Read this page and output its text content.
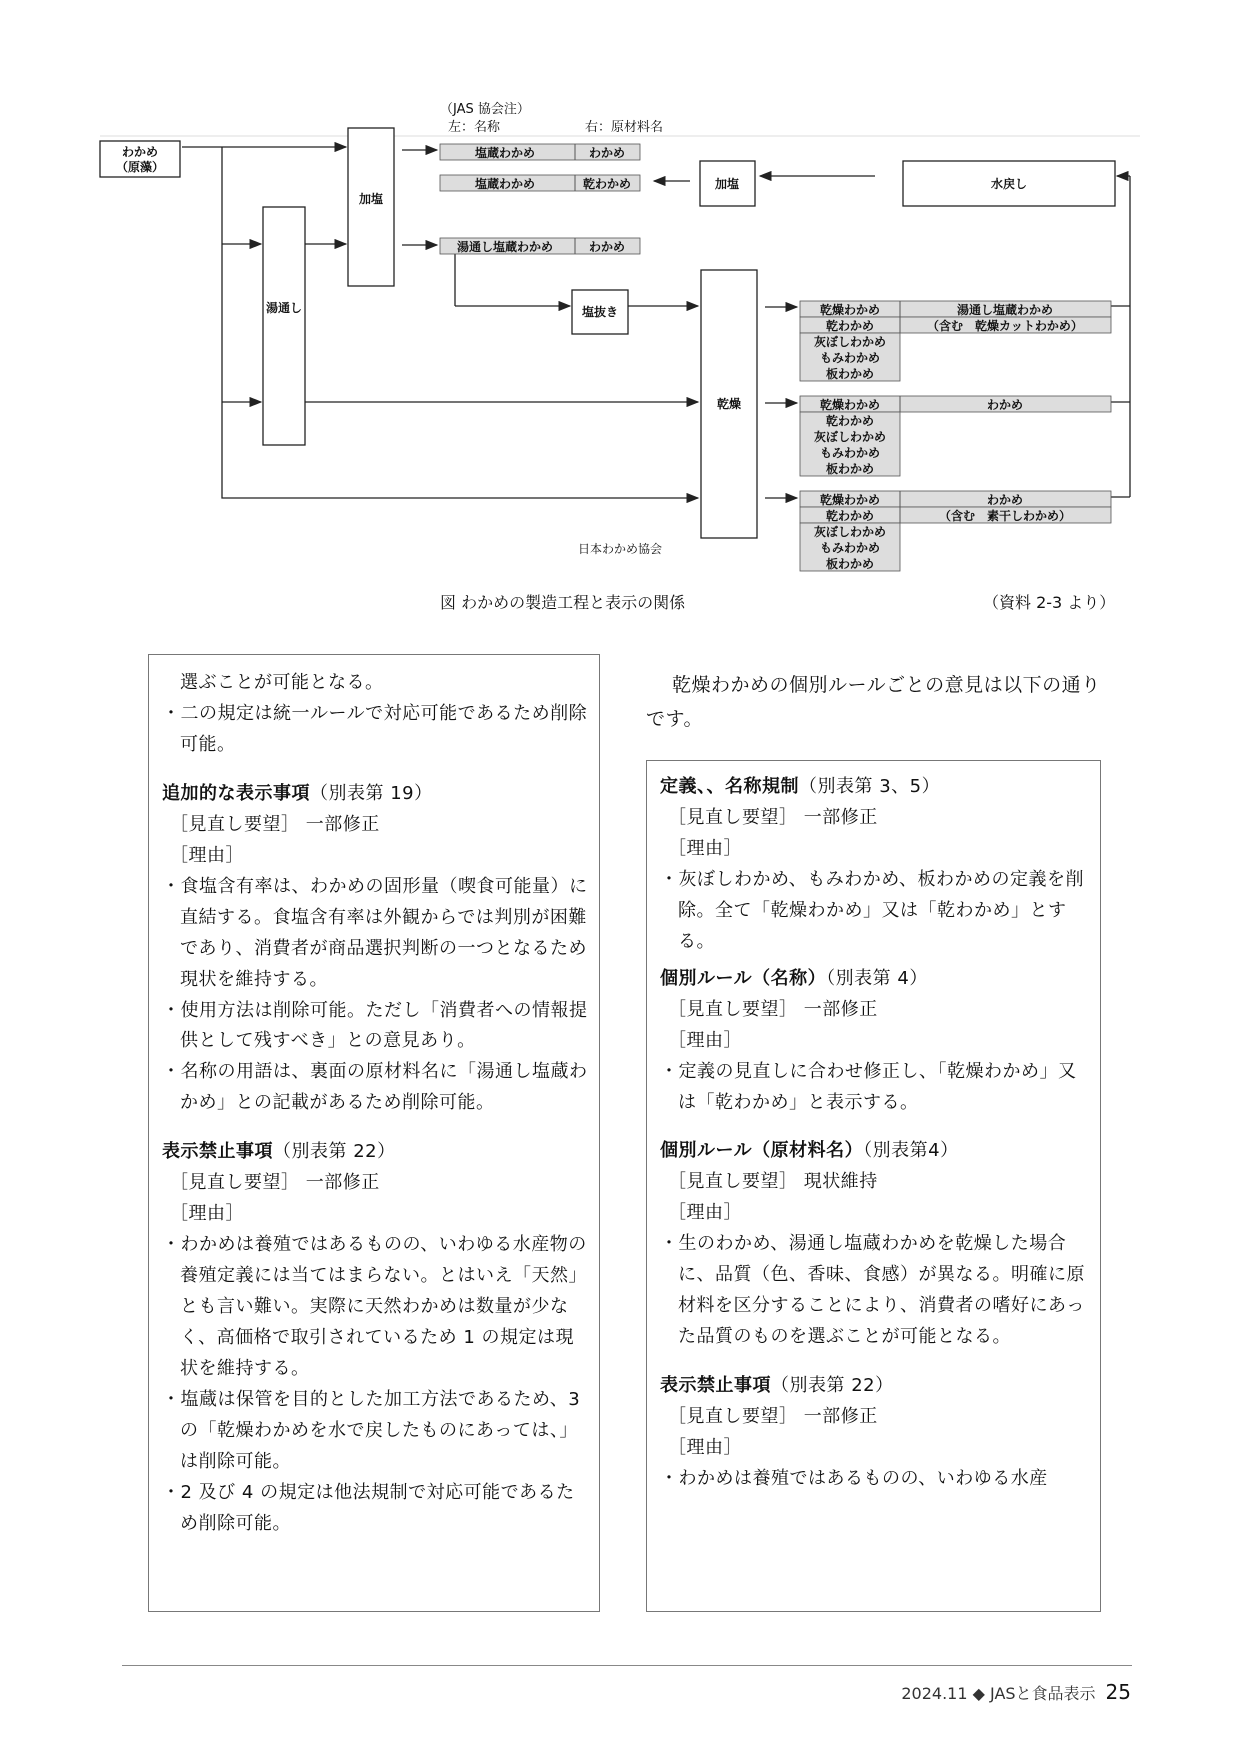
（JAS 協会注）
左：名称	右：原材料名
わかめ
（原藻）
加塩
湯通し	塩抜き
加塩	水戻し
乾燥
塩蔵わかめ	わかめ
塩蔵わかめ	乾わかめ
湯通し塩蔵わかめ	わかめ
乾燥わかめ	湯通し塩蔵わかめ
乾わかめ	（含む　乾燥カットわかめ）
灰ぼしわかめ
もみわかめ
板わかめ
乾燥わかめ	わかめ
乾わかめ
灰ぼしわかめ
もみわかめ
板わかめ
乾燥わかめ	わかめ
乾わかめ	（含む　素干しわかめ）
灰ぼしわかめ
もみわかめ
板わかめ
日本わかめ協会
図 わかめの製造工程と表示の関係	（資料 2-3 より）

選ぶことが可能となる。

・二の規定は統一ルールで対応可能であるため削除可能。

追加的な表示事項（別表第 19）

［見直し要望］ 一部修正

［理由］

・食塩含有率は、わかめの固形量（喫食可能量）に直結する。食塩含有率は外観からでは判別が困難であり、消費者が商品選択判断の一つとなるため現状を維持する。

・使用方法は削除可能。ただし「消費者への情報提供として残すべき」との意見あり。

・名称の用語は、裏面の原材料名に「湯通し塩蔵わかめ」との記載があるため削除可能。

表示禁止事項（別表第 22）

［見直し要望］ 一部修正

［理由］

・わかめは養殖ではあるものの、いわゆる水産物の養殖定義には当てはまらない。とはいえ「天然」とも言い難い。実際に天然わかめは数量が少なく、高価格で取引されているため 1 の規定は現状を維持する。

・塩蔵は保管を目的とした加工方法であるため、3 の「乾燥わかめを水で戻したものにあっては、」は削除可能。

・2 及び 4 の規定は他法規制で対応可能であるため削除可能。

乾燥わかめの個別ルールごとの意見は以下の通りです。

定義、、名称規制（別表第 3、5）

［見直し要望］ 一部修正

［理由］

・灰ぼしわかめ、もみわかめ、板わかめの定義を削除。全て「乾燥わかめ」又は「乾わかめ」とする。

個別ルール（名称）（別表第 4）

［見直し要望］ 一部修正

［理由］

・定義の見直しに合わせ修正し、「乾燥わかめ」又は「乾わかめ」と表示する。

個別ルール（原材料名）（別表第4）

［見直し要望］ 現状維持

［理由］

・生のわかめ、湯通し塩蔵わかめを乾燥した場合に、品質（色、香味、食感）が異なる。明確に原材料を区分することにより、消費者の嗜好にあった品質のものを選ぶことが可能となる。

表示禁止事項（別表第 22）

［見直し要望］ 一部修正

［理由］

・わかめは養殖ではあるものの、いわゆる水産

2024.11 ◆ JASと食品表示 25
